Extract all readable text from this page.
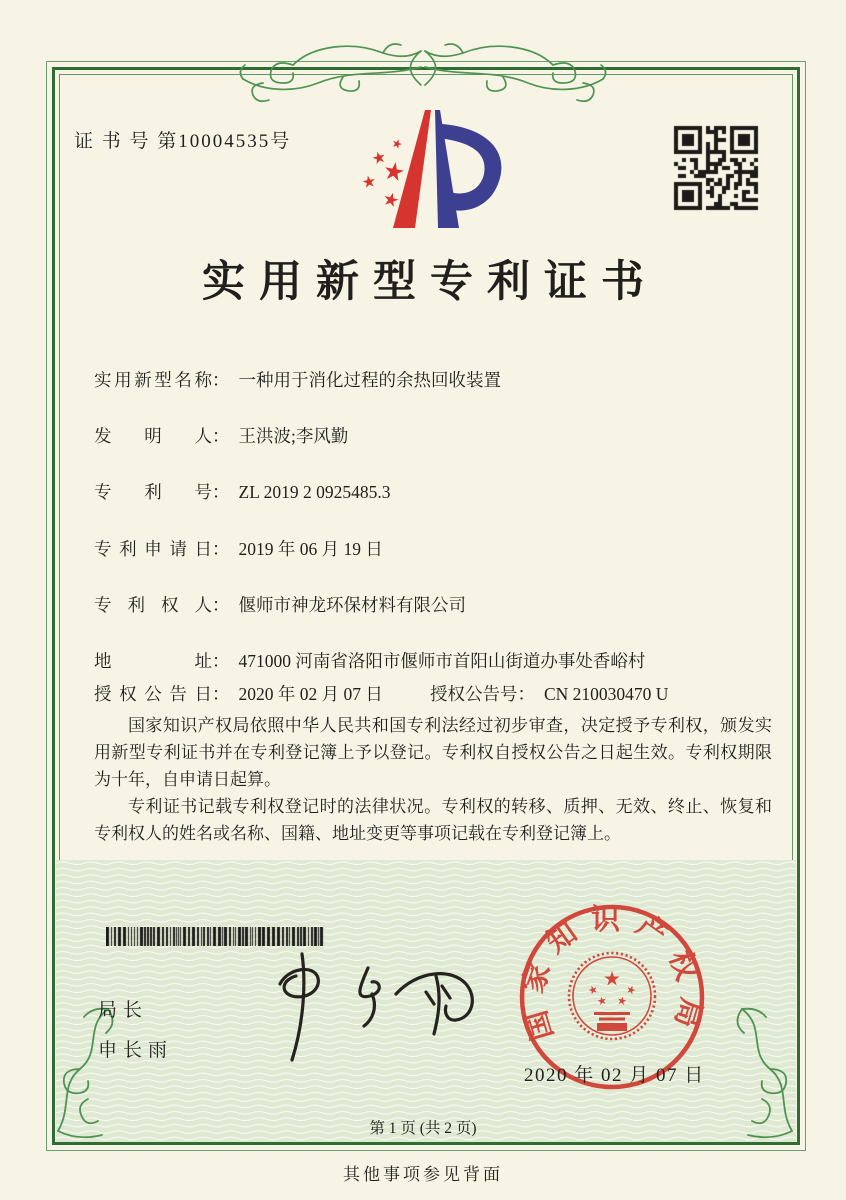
证 书 号 第10004535号
实用新型专利证书
实用新型名称： 一种用于消化过程的余热回收装置
发 明 人： 王洪波;李风勤
专 利 号： ZL 2019 2 0925485.3
专利申请日： 2019 年 06 月 19 日
专 利 权 人： 偃师市神龙环保材料有限公司
地 址： 471000 河南省洛阳市偃师市首阳山街道办事处香峪村
授权公告日： 2020 年 02 月 07 日	授权公告号： CN 210030470 U

国家知识产权局依照中华人民共和国专利法经过初步审查，决定授予专利权，颁发实用新型专利证书并在专利登记簿上予以登记。专利权自授权公告之日起生效。专利权期限为十年，自申请日起算。

专利证书记载专利权登记时的法律状况。专利权的转移、质押、无效、终止、恢复和专利权人的姓名或名称、国籍、地址变更等事项记载在专利登记簿上。

局长
申长雨
国家知识产权局
2020 年 02 月 07 日
第 1 页 (共 2 页)
其他事项参见背面
